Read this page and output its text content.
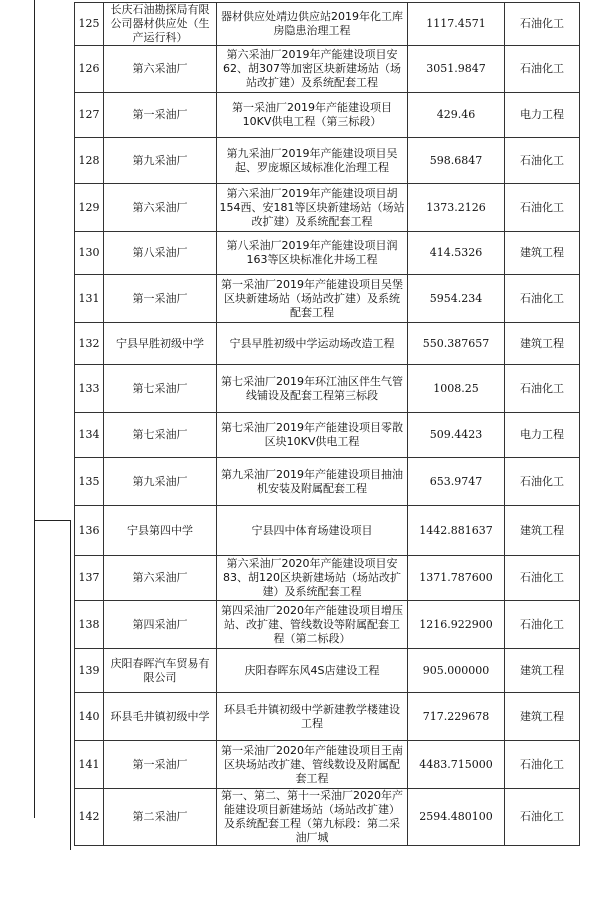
125	长庆石油勘探局有限公司器材供应处（生产运行科）	器材供应处靖边供应站2019年化工库房隐患治理工程	1117.4571	石油化工
126	第六采油厂	第六采油厂2019年产能建设项目安62、胡307等加密区块新建场站（场站改扩建）及系统配套工程	3051.9847	石油化工
127	第一采油厂	第一采油厂2019年产能建设项目10KV供电工程（第三标段）	429.46	电力工程
128	第九采油厂	第九采油厂2019年产能建设项目吴起、罗庞塬区域标准化治理工程	598.6847	石油化工
129	第六采油厂	第六采油厂2019年产能建设项目胡154西、安181等区块新建场站（场站改扩建）及系统配套工程	1373.2126	石油化工
130	第八采油厂	第八采油厂2019年产能建设项目润163等区块标准化井场工程	414.5326	建筑工程
131	第一采油厂	第一采油厂2019年产能建设项目吴堡区块新建场站（场站改扩建）及系统配套工程	5954.234	石油化工
132	宁县早胜初级中学	宁县早胜初级中学运动场改造工程	550.387657	建筑工程
133	第七采油厂	第七采油厂2019年环江油区伴生气管线铺设及配套工程第三标段	1008.25	石油化工
134	第七采油厂	第七采油厂2019年产能建设项目零散区块10KV供电工程	509.4423	电力工程
135	第九采油厂	第九采油厂2019年产能建设项目抽油机安装及附属配套工程	653.9747	石油化工
136	宁县第四中学	宁县四中体育场建设项目	1442.881637	建筑工程
137	第六采油厂	第六采油厂2020年产能建设项目安83、胡120区块新建场站（场站改扩建）及系统配套工程	1371.787600	石油化工
138	第四采油厂	第四采油厂2020年产能建设项目增压站、改扩建、管线数设等附属配套工程（第二标段）	1216.922900	石油化工
139	庆阳春晖汽车贸易有限公司	庆阳春晖东风4S店建设工程	905.000000	建筑工程
140	环县毛井镇初级中学	环县毛井镇初级中学新建教学楼建设工程	717.229678	建筑工程
141	第一采油厂	第一采油厂2020年产能建设项目王南区块场站改扩建、管线数设及附属配套工程	4483.715000	石油化工
142	第二采油厂	第一、第二、第十一采油厂2020年产能建设项目新建场站（场站改扩建）及系统配套工程（第九标段：第二采油厂城	2594.480100	石油化工
